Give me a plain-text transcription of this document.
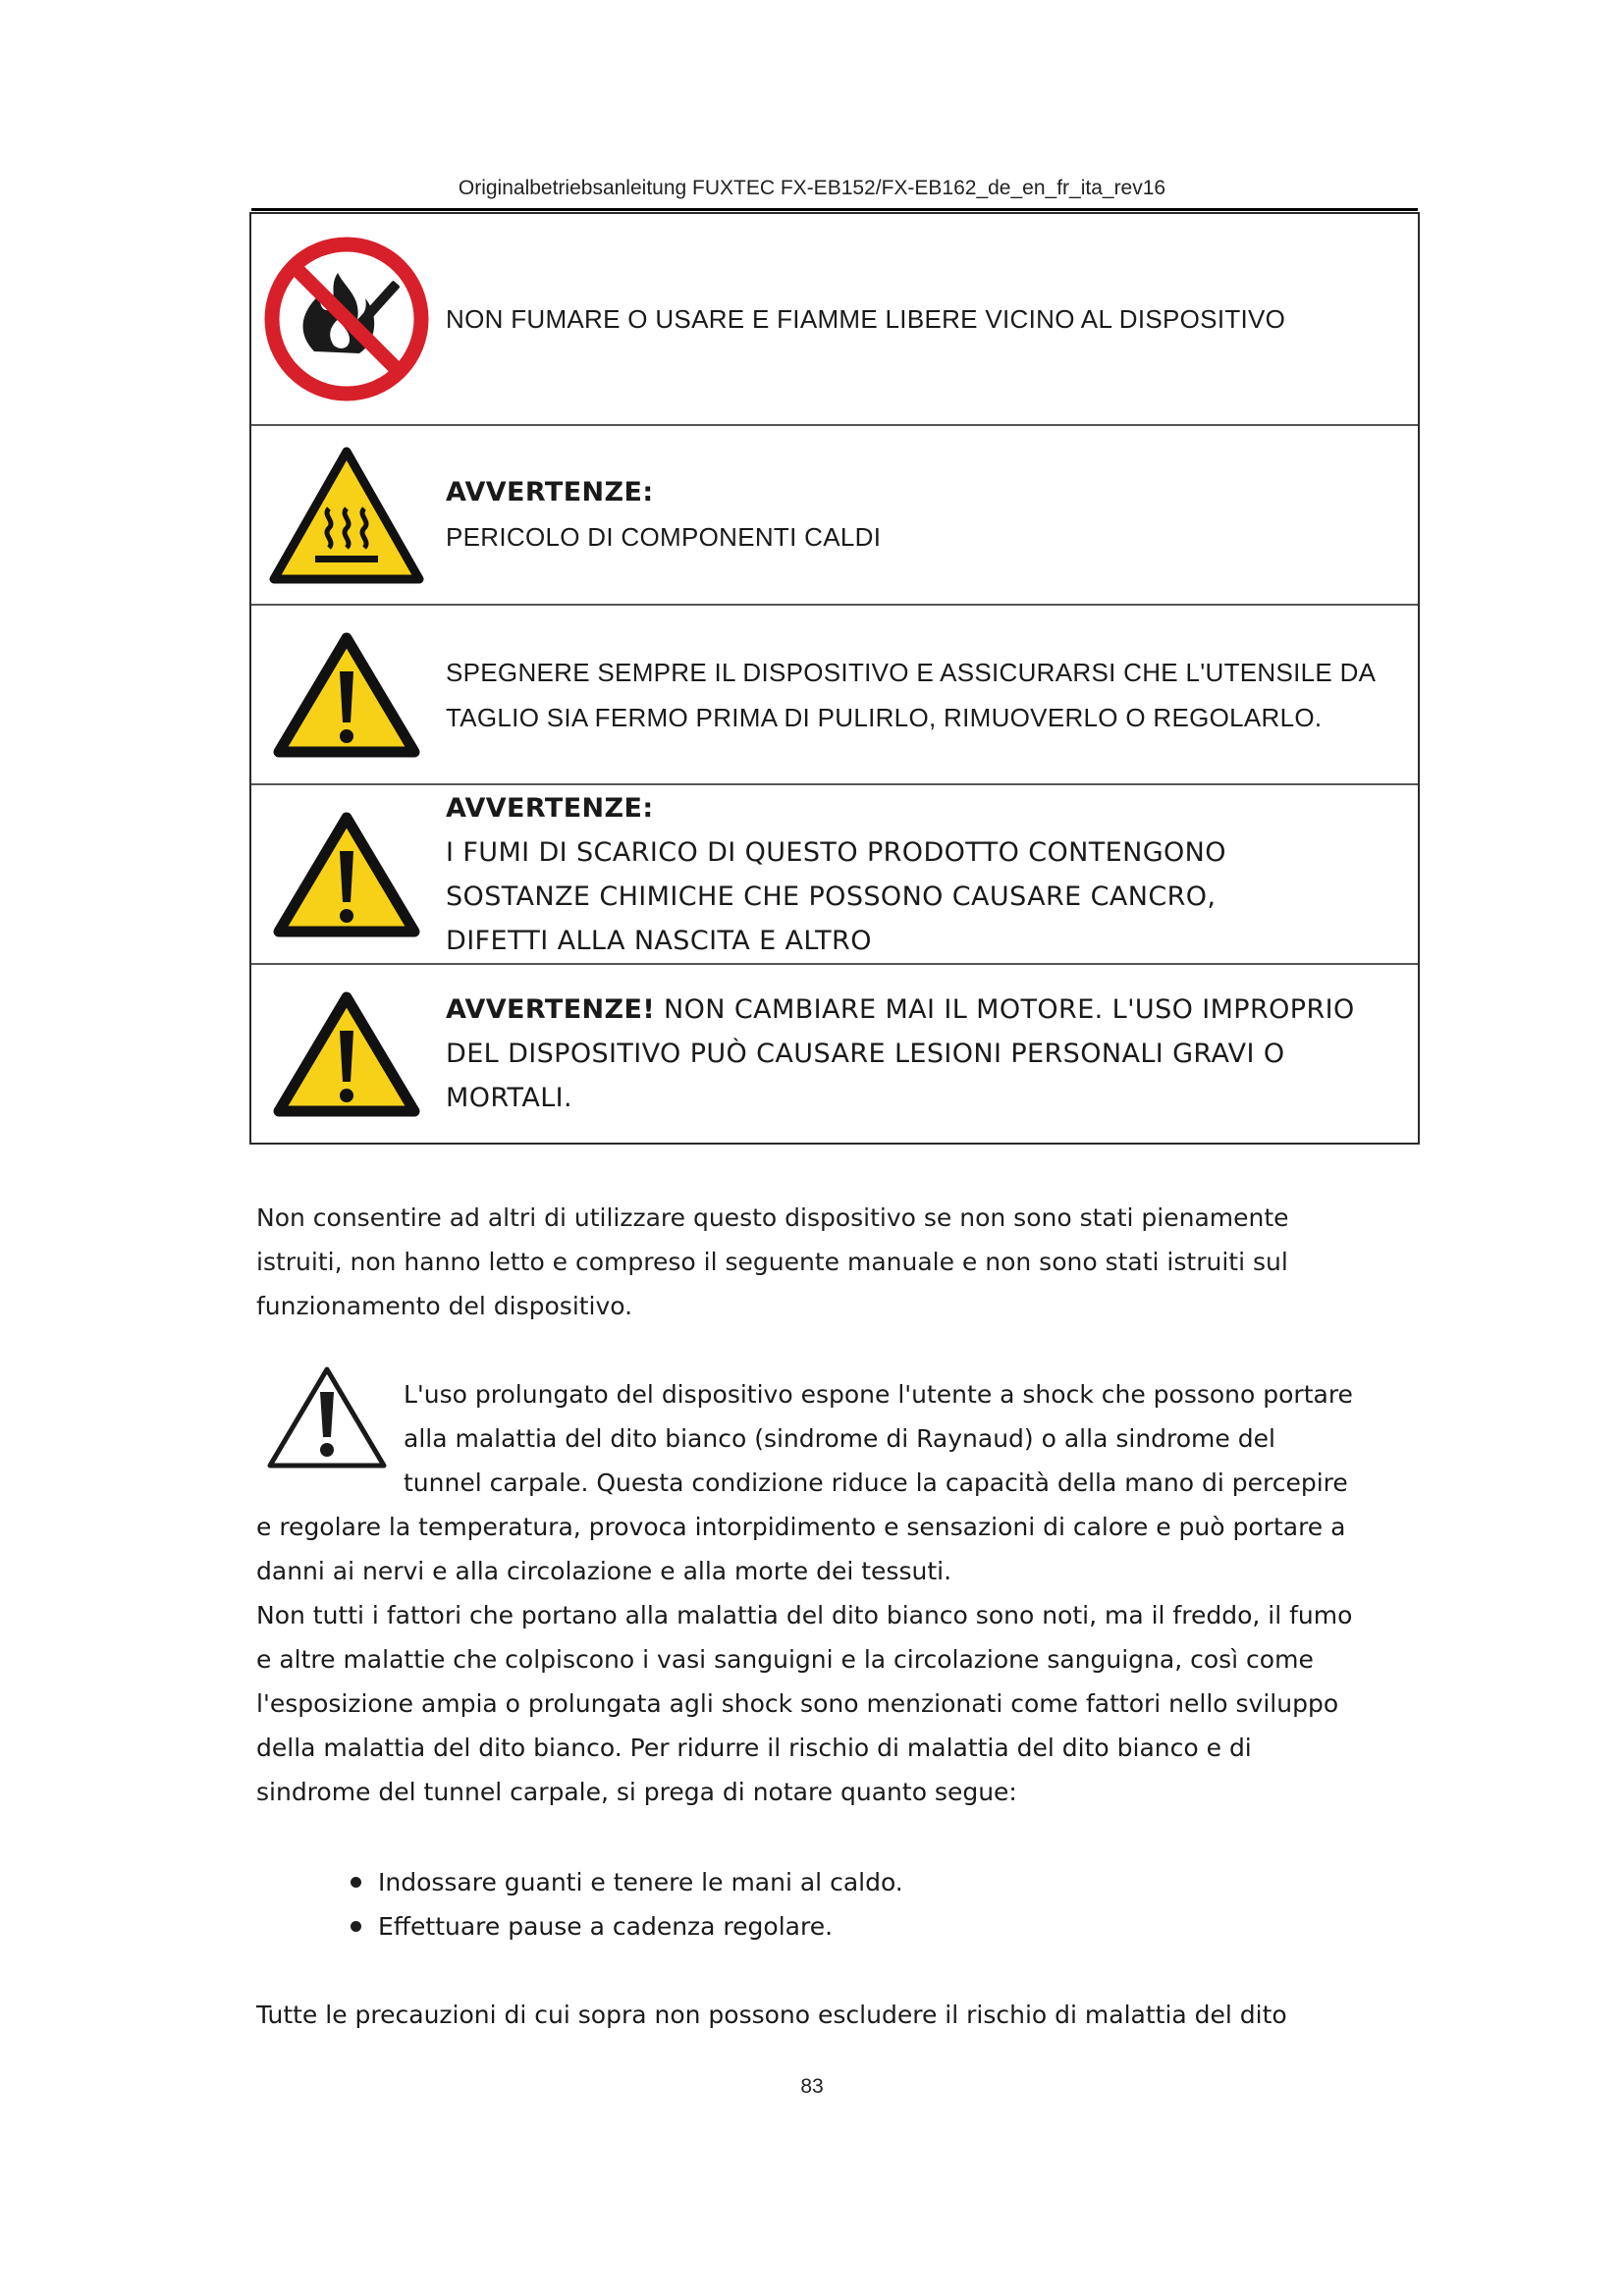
Originalbetriebsanleitung FUXTEC FX-EB152/FX-EB162_de_en_fr_ita_rev16
NON FUMARE O USARE E FIAMME LIBERE VICINO AL DISPOSITIVO
AVVERTENZE:
PERICOLO DI COMPONENTI CALDI
SPEGNERE SEMPRE IL DISPOSITIVO E ASSICURARSI CHE L'UTENSILE DA
TAGLIO SIA FERMO PRIMA DI PULIRLO, RIMUOVERLO O REGOLARLO.
AVVERTENZE:
I FUMI DI SCARICO DI QUESTO PRODOTTO CONTENGONO
SOSTANZE CHIMICHE CHE POSSONO CAUSARE CANCRO,
DIFETTI ALLA NASCITA E ALTRO
AVVERTENZE! NON CAMBIARE MAI IL MOTORE. L'USO IMPROPRIO
DEL DISPOSITIVO PUÒ CAUSARE LESIONI PERSONALI GRAVI O
MORTALI.
Non consentire ad altri di utilizzare questo dispositivo se non sono stati pienamente
istruiti, non hanno letto e compreso il seguente manuale e non sono stati istruiti sul
funzionamento del dispositivo.
L'uso prolungato del dispositivo espone l'utente a shock che possono portare
alla malattia del dito bianco (sindrome di Raynaud) o alla sindrome del
tunnel carpale. Questa condizione riduce la capacità della mano di percepire
e regolare la temperatura, provoca intorpidimento e sensazioni di calore e può portare a
danni ai nervi e alla circolazione e alla morte dei tessuti.
Non tutti i fattori che portano alla malattia del dito bianco sono noti, ma il freddo, il fumo
e altre malattie che colpiscono i vasi sanguigni e la circolazione sanguigna, così come
l'esposizione ampia o prolungata agli shock sono menzionati come fattori nello sviluppo
della malattia del dito bianco. Per ridurre il rischio di malattia del dito bianco e di
sindrome del tunnel carpale, si prega di notare quanto segue:
Indossare guanti e tenere le mani al caldo.
Effettuare pause a cadenza regolare.
Tutte le precauzioni di cui sopra non possono escludere il rischio di malattia del dito
83
